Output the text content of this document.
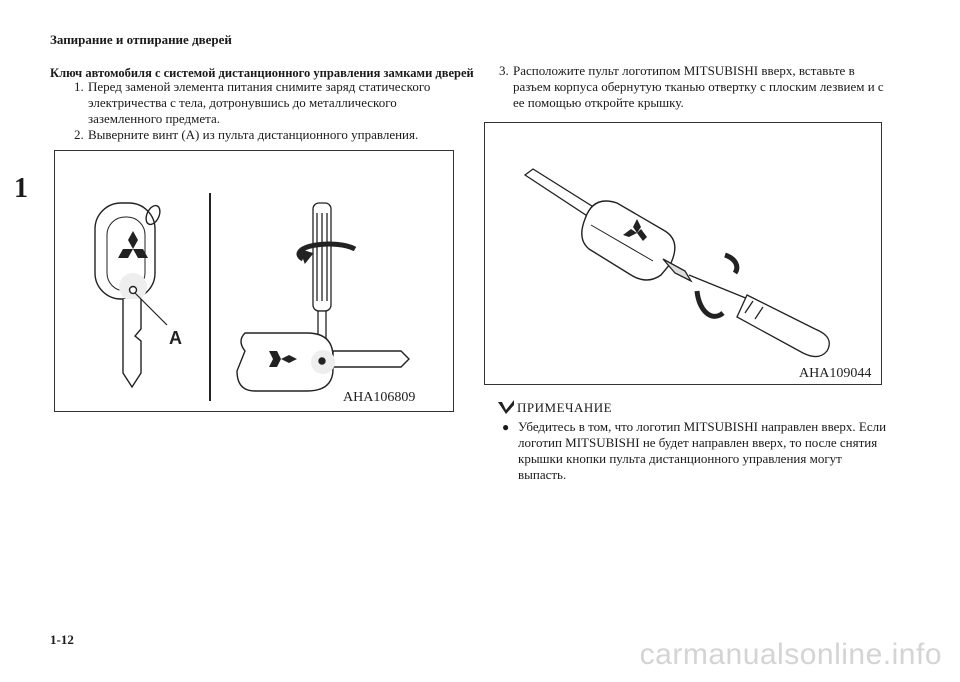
Запирание и отпирание дверей
1
Ключ автомобиля с системой дистанционного управления замками дверей
1. Перед заменой элемента питания снимите заряд статического электричества с тела, дотронувшись до металлического заземленного предмета.
2. Выверните винт (A) из пульта дистанционного управления.
3. Расположите пульт логотипом MITSUBISHI вверх, вставьте в разъем корпуса обернутую тканью отвертку с плоским лезвием и с ее помощью откройте крышку.
A
AHA106809
AHA109044
ПРИМЕЧАНИЕ
● Убедитесь в том, что логотип MITSUBISHI направлен вверх. Если логотип MITSUBISHI не будет направлен вверх, то после снятия крышки кнопки пульта дистанционного управления могут выпасть.
1-12	carmanualsonline.info
